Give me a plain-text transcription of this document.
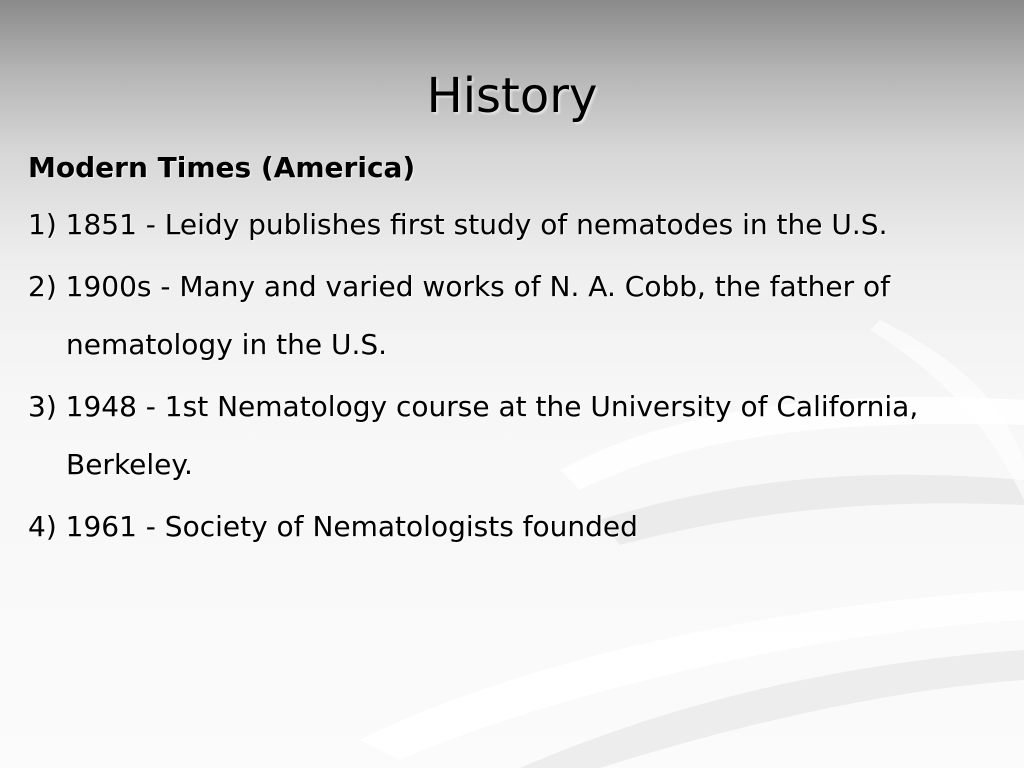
History
Modern Times (America)
1) 1851 - Leidy publishes first study of nematodes in the U.S.
2) 1900s - Many and varied works of N. A. Cobb, the father of nematology in the U.S.
3) 1948 - 1st Nematology course at the University of California, Berkeley.
4) 1961 - Society of Nematologists founded
